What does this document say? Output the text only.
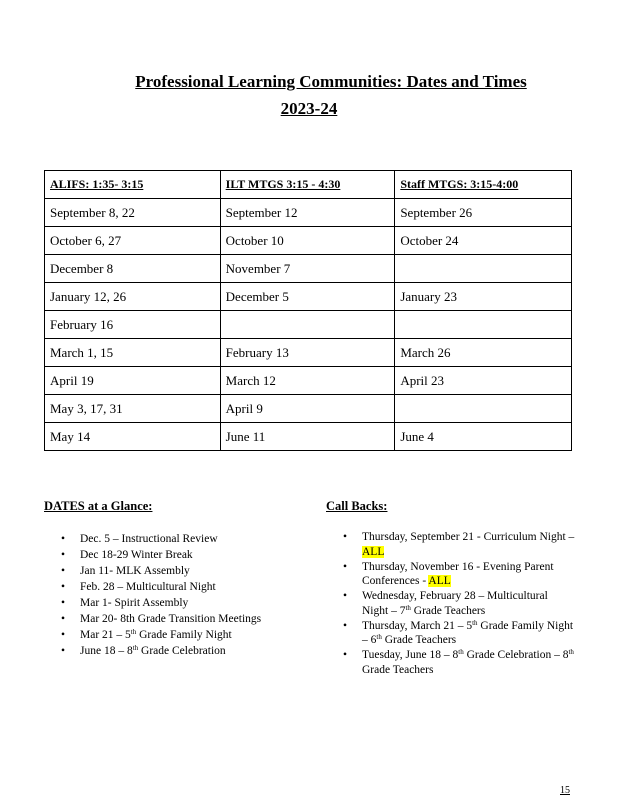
Professional Learning Communities: Dates and Times
2023-24
ALIFS: 1:35- 3:15	ILT MTGS 3:15 - 4:30	Staff MTGS: 3:15-4:00
September 8, 22	September 12	September 26
October 6, 27	October 10	October 24
December 8	November 7	
January 12, 26	December 5	January 23
February 16		
March 1, 15	February 13	March 26
April 19	March 12	April 23
May 3, 17, 31	April 9	
May 14	June 11	June 4
DATES at a Glance:
• Dec. 5 – Instructional Review
• Dec 18-29 Winter Break
• Jan 11- MLK Assembly
• Feb. 28 – Multicultural Night
• Mar 1- Spirit Assembly
• Mar 20- 8th Grade Transition Meetings
• Mar 21 – 5th Grade Family Night
• June 18 – 8th Grade Celebration
Call Backs:
• Thursday, September 21 - Curriculum Night – ALL
• Thursday, November 16 - Evening Parent Conferences - ALL
• Wednesday, February 28 – Multicultural Night – 7th Grade Teachers
• Thursday, March 21 – 5th Grade Family Night – 6th Grade Teachers
• Tuesday, June 18 – 8th Grade Celebration – 8th Grade Teachers
15
